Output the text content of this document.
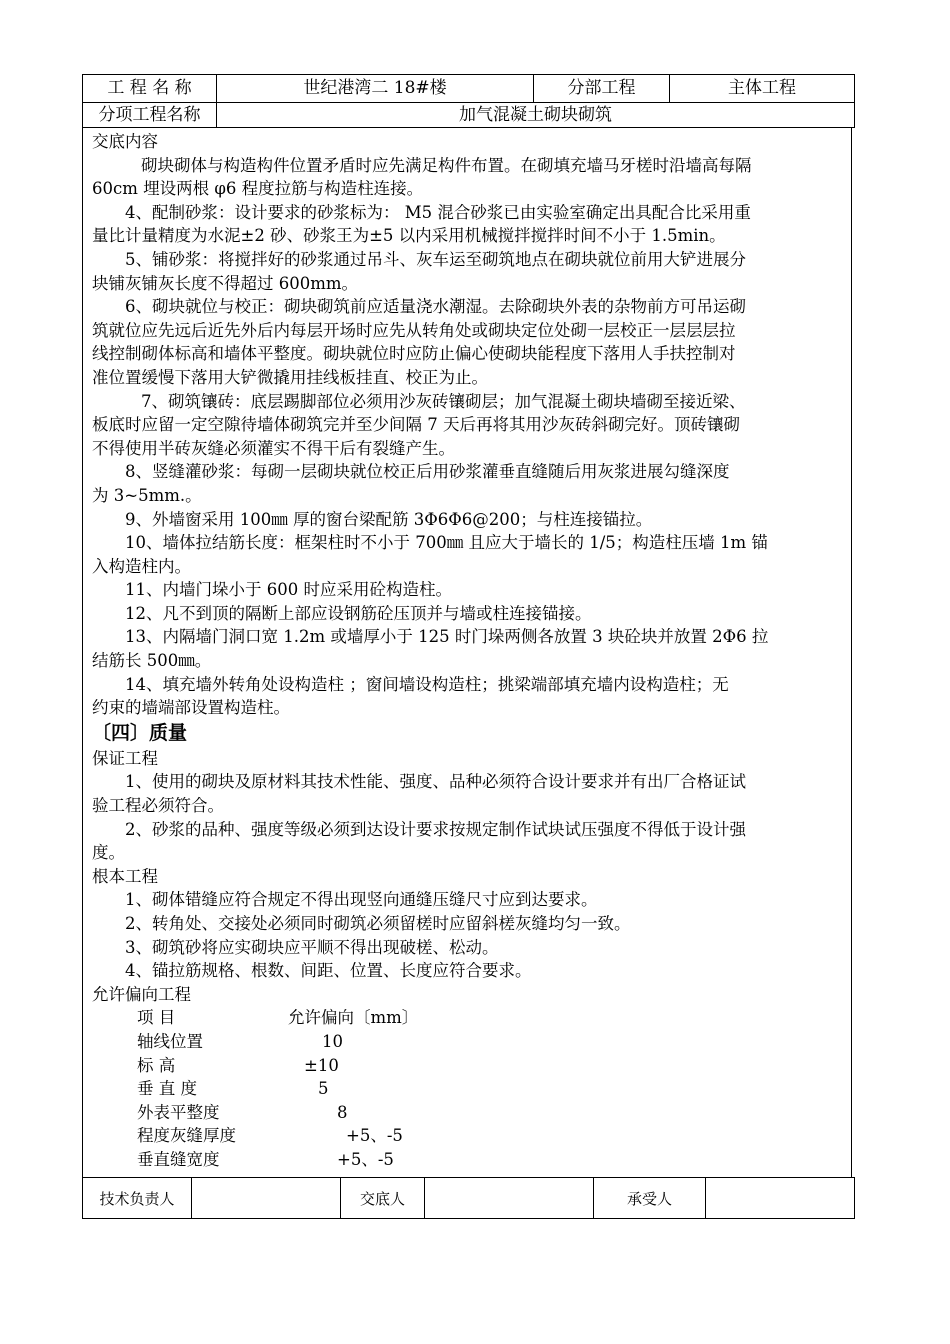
工 程 名 称	世纪港湾二 18#楼	分部工程	主体工程
分项工程名称	加气混凝土砌块砌筑		
交底内容
砌块砌体与构造构件位置矛盾时应先满足构件布置。在砌填充墙马牙槎时沿墙高每隔
60cm 埋设两根 φ6 程度拉筋与构造柱连接。
4、配制砂浆：设计要求的砂浆标为： M5 混合砂浆已由实验室确定出具配合比采用重
量比计量精度为水泥±2 砂、砂浆王为±5 以内采用机械搅拌搅拌时间不小于 1.5min。
5、铺砂浆：将搅拌好的砂浆通过吊斗、灰车运至砌筑地点在砌块就位前用大铲进展分
块铺灰铺灰长度不得超过 600mm。
6、砌块就位与校正：砌块砌筑前应适量浇水潮湿。去除砌块外表的杂物前方可吊运砌
筑就位应先远后近先外后内每层开场时应先从转角处或砌块定位处砌一层校正一层层层拉
线控制砌体标高和墙体平整度。砌块就位时应防止偏心使砌块能程度下落用人手扶控制对
准位置缓慢下落用大铲微撬用挂线板挂直、校正为止。
7、砌筑镶砖：底层踢脚部位必须用沙灰砖镶砌层；加气混凝土砌块墙砌至接近梁、
板底时应留一定空隙待墙体砌筑完并至少间隔 7 天后再将其用沙灰砖斜砌完好。顶砖镶砌
不得使用半砖灰缝必须灌实不得干后有裂缝产生。
8、竖缝灌砂浆：每砌一层砌块就位校正后用砂浆灌垂直缝随后用灰浆进展勾缝深度
为 3~5mm.。
9、外墙窗采用 100㎜ 厚的窗台梁配筋 3Φ6Φ6@200；与柱连接锚拉。
10、墙体拉结筋长度：框架柱时不小于 700㎜ 且应大于墙长的 1/5；构造柱压墙 1m 锚
入构造柱内。
11、内墙门垛小于 600 时应采用砼构造柱。
12、凡不到顶的隔断上部应设钢筋砼压顶并与墙或柱连接锚接。
13、内隔墙门洞口宽 1.2m 或墙厚小于 125 时门垛两侧各放置 3 块砼块并放置 2Φ6 拉
结筋长 500㎜。
14、填充墙外转角处设构造柱 ；窗间墙设构造柱；挑梁端部填充墙内设构造柱；无
约束的墙端部设置构造柱。
〔四〕质量
保证工程
1、使用的砌块及原材料其技术性能、强度、品种必须符合设计要求并有出厂合格证试
验工程必须符合。
2、砂浆的品种、强度等级必须到达设计要求按规定制作试块试压强度不得低于设计强
度。
根本工程
1、砌体错缝应符合规定不得出现竖向通缝压缝尺寸应到达要求。
2、转角处、交接处必须同时砌筑必须留槎时应留斜槎灰缝均匀一致。
3、砌筑砂将应实砌块应平顺不得出现破槎、松动。
4、锚拉筋规格、根数、间距、位置、长度应符合要求。
允许偏向工程
项 目	允许偏向〔mm〕
轴线位置	10
标 高	±10
垂 直 度	5
外表平整度	8
程度灰缝厚度	+5、-5
垂直缝宽度	+5、-5
技术负责人		交底人		承受人	
